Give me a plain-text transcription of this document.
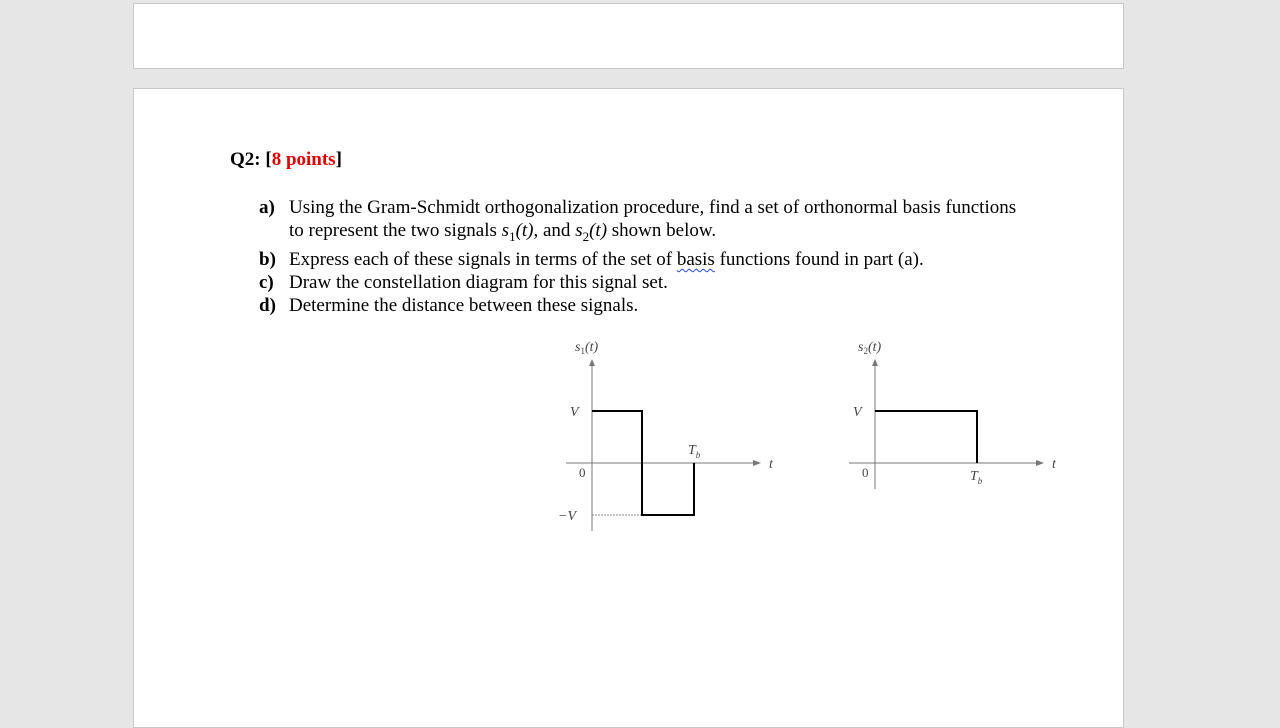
Q2: [8 points]
a) Using the Gram-Schmidt orthogonalization procedure, find a set of orthonormal basis functions
to represent the two signals $s_1(t)$, and $s_2(t)$ shown below.
b) Express each of these signals in terms of the set of basis functions found in part (a).
c) Draw the constellation diagram for this signal set.
d) Determine the distance between these signals.
$s_1(t)$
t
V
−V
0
$T_b$
$s_2(t)$
t
V
0	$T_b$
